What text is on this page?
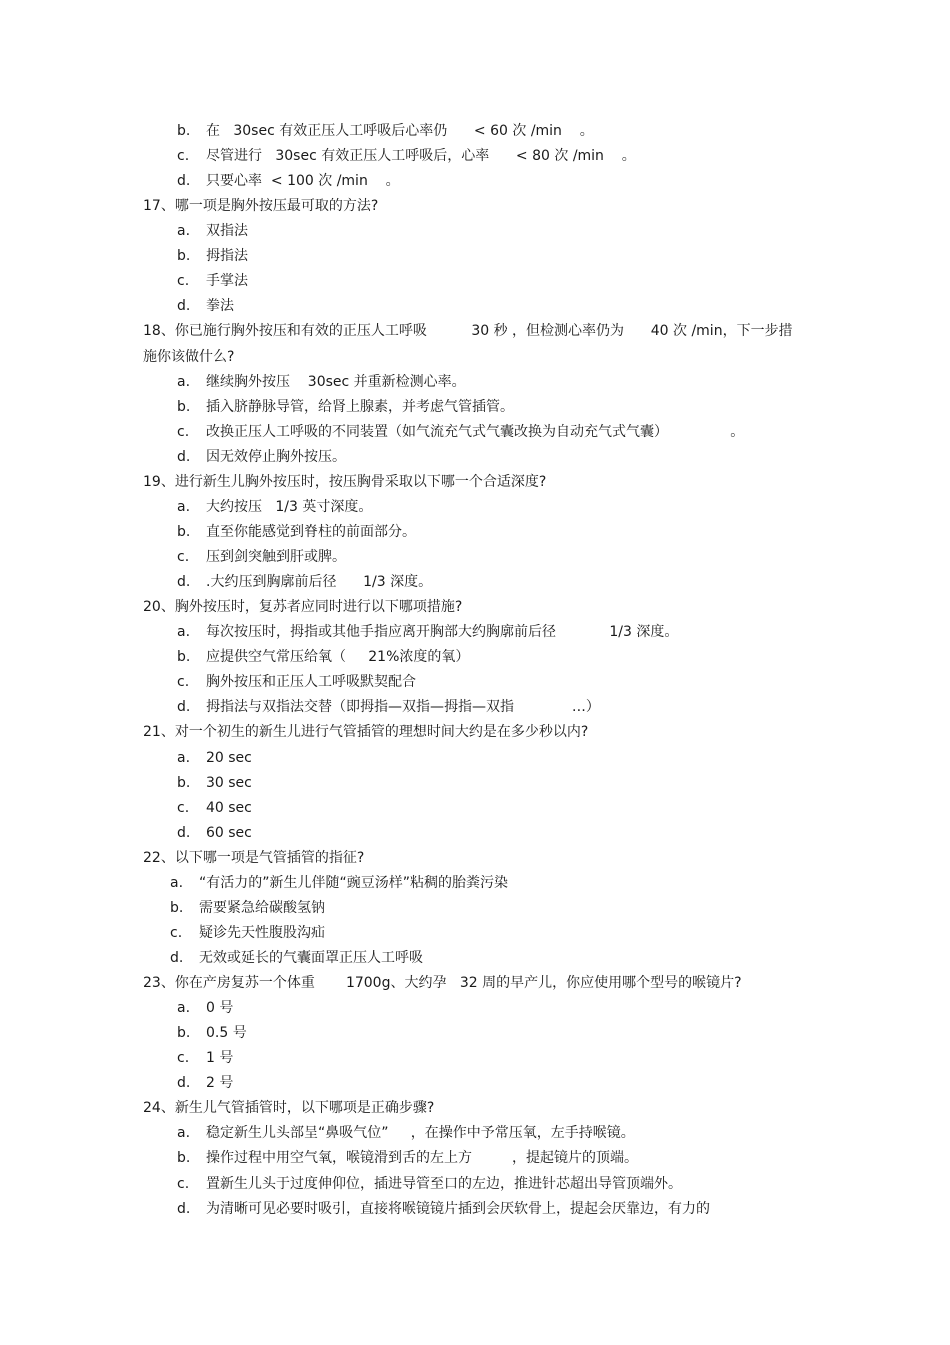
b. 在   30sec 有效正压人工呼吸后心率仍      < 60 次 /min    。
c. 尽管进行   30sec 有效正压人工呼吸后，心率      < 80 次 /min    。
d. 只要心率  < 100 次 /min    。
17、哪一项是胸外按压最可取的方法?
a. 双指法
b. 拇指法
c. 手掌法
d. 拳法
18、你已施行胸外按压和有效的正压人工呼吸          30 秒 ，但检测心率仍为      40 次 /min，下一步措
施你该做什么?
a. 继续胸外按压    30sec 并重新检测心率。
b. 插入脐静脉导管，给肾上腺素，并考虑气管插管。
c. 改换正压人工呼吸的不同装置（如气流充气式气囊改换为自动充气式气囊）              。
d. 因无效停止胸外按压。
19、进行新生儿胸外按压时，按压胸骨采取以下哪一个合适深度?
a. 大约按压   1/3 英寸深度。
b. 直至你能感觉到脊柱的前面部分。
c. 压到剑突触到肝或脾。
d. .大约压到胸廓前后径      1/3 深度。
20、胸外按压时，复苏者应同时进行以下哪项措施?
a. 每次按压时，拇指或其他手指应离开胸部大约胸廓前后径            1/3 深度。
b. 应提供空气常压给氧（     21%浓度的氧）
c. 胸外按压和正压人工呼吸默契配合
d. 拇指法与双指法交替（即拇指—双指—拇指—双指             …）
21、对一个初生的新生儿进行气管插管的理想时间大约是在多少秒以内?
a. 20 sec
b. 30 sec
c. 40 sec
d. 60 sec
22、以下哪一项是气管插管的指征?
a. “有活力的”新生儿伴随“豌豆汤样”粘稠的胎粪污染
b. 需要紧急给碳酸氢钠
c. 疑诊先天性腹股沟疝
d. 无效或延长的气囊面罩正压人工呼吸
23、你在产房复苏一个体重       1700g、大约孕   32 周的早产儿，你应使用哪个型号的喉镜片?
a. 0 号
b. 0.5 号
c. 1 号
d. 2 号
24、新生儿气管插管时，以下哪项是正确步骤?
a. 稳定新生儿头部呈“鼻吸气位”     ，在操作中予常压氧，左手持喉镜。
b. 操作过程中用空气氧，喉镜滑到舌的左上方         ，提起镜片的顶端。
c. 置新生儿头于过度伸仰位，插进导管至口的左边，推进针芯超出导管顶端外。
d. 为清晰可见必要时吸引，直接将喉镜镜片插到会厌软骨上，提起会厌靠边，有力的
